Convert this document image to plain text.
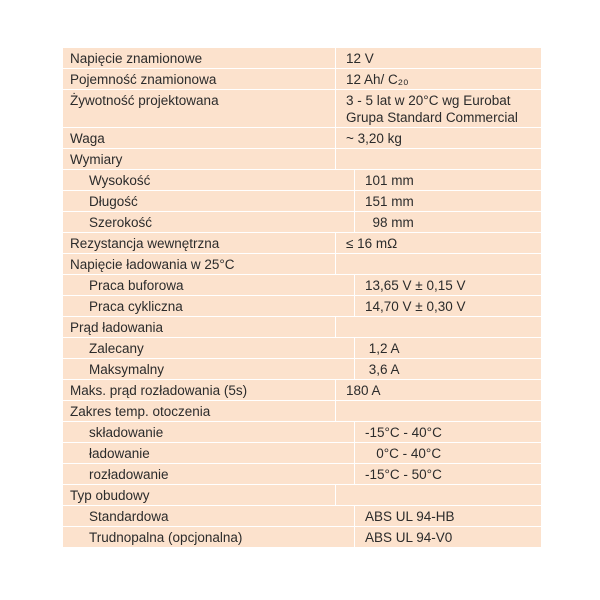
Napięcie znamionowe	12 V
Pojemność znamionowa	12 Ah/ C₂₀
Żywotność projektowana	3 - 5 lat w 20°C wg Eurobat
Grupa Standard Commercial
Waga	~ 3,20 kg
Wymiary
Wysokość	101 mm
Długość	151 mm
Szerokość	98 mm
Rezystancja wewnętrzna	≤ 16 mΩ
Napięcie ładowania w 25°C
Praca buforowa	13,65 V ± 0,15 V
Praca cykliczna	14,70 V ± 0,30 V
Prąd ładowania
Zalecany	1,2 A
Maksymalny	3,6 A
Maks. prąd rozładowania (5s)	180 A
Zakres temp. otoczenia
składowanie	-15°C - 40°C
ładowanie	0°C - 40°C
rozładowanie	-15°C - 50°C
Typ obudowy
Standardowa	ABS UL 94-HB
Trudnopalna (opcjonalna)	ABS UL 94-V0
